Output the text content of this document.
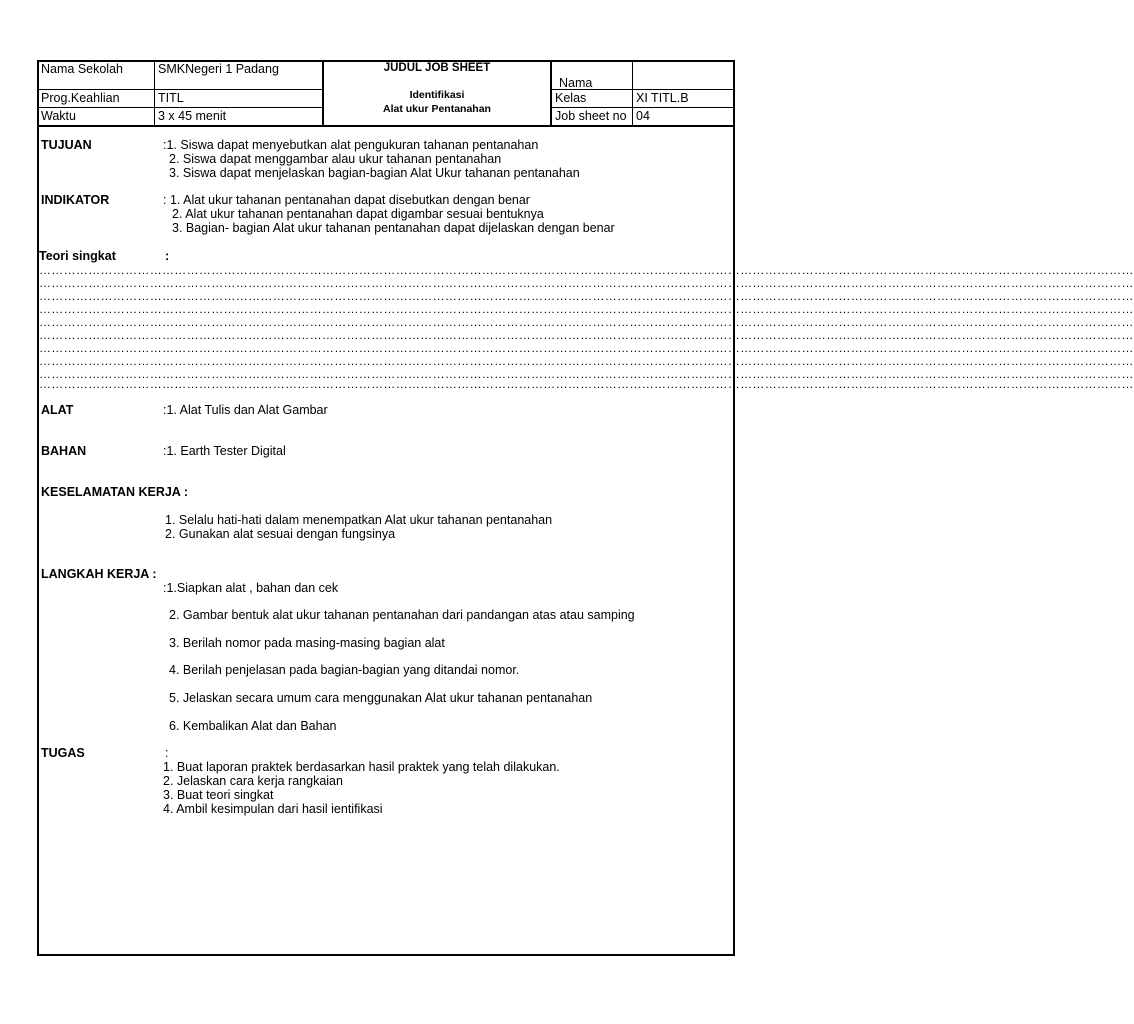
Nama Sekolah	SMKNegeri 1 Padang
Prog.Keahlian	TITL
Waktu	3 x 45 menit
JUDUL JOB SHEET
Identifikasi
Alat ukur Pentanahan
Nama
Kelas	XI TITL.B
Job sheet no 04
TUJUAN	:1. Siswa dapat menyebutkan alat pengukuran tahanan pentanahan
2. Siswa dapat menggambar alau ukur tahanan pentanahan
3. Siswa dapat menjelaskan bagian-bagian Alat Ukur tahanan pentanahan
INDIKATOR	: 1. Alat ukur tahanan pentanahan dapat disebutkan dengan benar
2. Alat ukur tahanan pentanahan dapat digambar sesuai bentuknya
3. Bagian- bagian Alat ukur tahanan pentanahan dapat dijelaskan dengan benar
Teori singkat	:
……………………………………………………………………………………………………………………………………………………………………………………………………………………………………………
……………………………………………………………………………………………………………………………………………………………………………………………………………………………………………
……………………………………………………………………………………………………………………………………………………………………………………………………………………………………………
……………………………………………………………………………………………………………………………………………………………………………………………………………………………………………
……………………………………………………………………………………………………………………………………………………………………………………………………………………………………………
……………………………………………………………………………………………………………………………………………………………………………………………………………………………………………
……………………………………………………………………………………………………………………………………………………………………………………………………………………………………………
……………………………………………………………………………………………………………………………………………………………………………………………………………………………………………
……………………………………………………………………………………………………………………………………………………………………………………………………………………………………………
……………………………………………………………………………………………………………………………………………………………………………………………………………………………………………
ALAT	:1. Alat Tulis dan Alat Gambar
BAHAN	:1. Earth Tester Digital
KESELAMATAN KERJA :
1. Selalu hati-hati dalam menempatkan Alat ukur tahanan pentanahan
2. Gunakan alat sesuai dengan fungsinya
LANGKAH KERJA :
:1.Siapkan alat , bahan dan cek
2. Gambar bentuk alat ukur tahanan pentanahan dari pandangan atas atau samping
3. Berilah nomor pada masing-masing bagian alat
4. Berilah penjelasan pada bagian-bagian yang ditandai nomor.
5. Jelaskan secara umum cara menggunakan Alat ukur tahanan pentanahan
6. Kembalikan Alat dan Bahan
TUGAS	:
1. Buat laporan praktek berdasarkan hasil praktek yang telah dilakukan.
2. Jelaskan cara kerja rangkaian
3. Buat teori singkat
4. Ambil kesimpulan dari hasil ientifikasi
